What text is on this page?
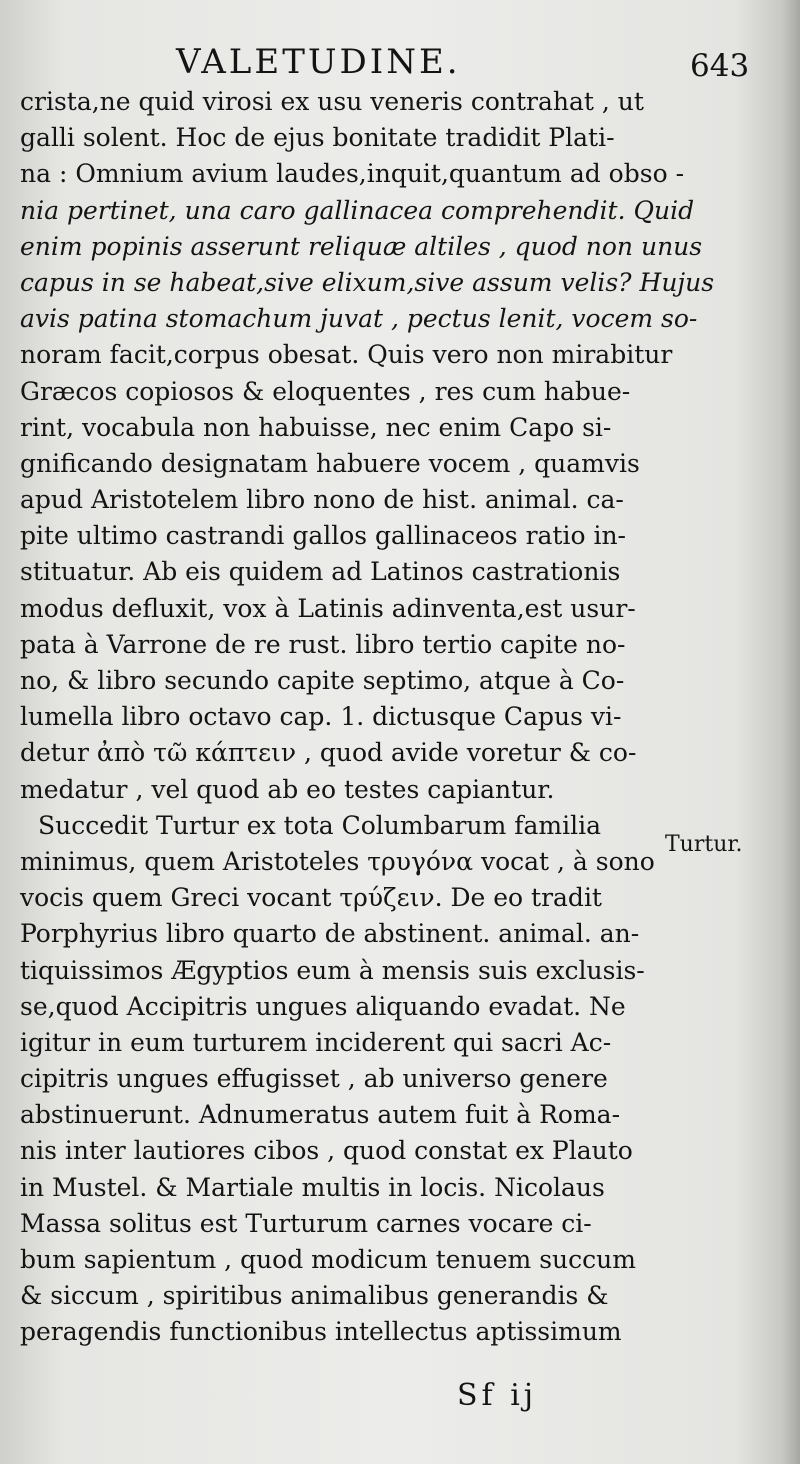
VALETUDINE.	643
crista,ne quid virosi ex usu veneris contrahat , ut
galli solent. Hoc de ejus bonitate tradidit Plati-
na : Omnium avium laudes,inquit,quantum ad obso -
nia pertinet, una caro gallinacea comprehendit. Quid
enim popinis asserunt reliquæ altiles , quod non unus
capus in se habeat,sive elixum,sive assum velis? Hujus
avis patina stomachum juvat , pectus lenit, vocem so-
noram facit,corpus obesat. Quis vero non mirabitur
Græcos copiosos & eloquentes , res cum habue-
rint, vocabula non habuisse, nec enim Capo si-
gnificando designatam habuere vocem , quamvis
apud Aristotelem libro nono de hist. animal. ca-
pite ultimo castrandi gallos gallinaceos ratio in-
stituatur. Ab eis quidem ad Latinos castrationis
modus defluxit, vox à Latinis adinventa,est usur-
pata à Varrone de re rust. libro tertio capite no-
no, & libro secundo capite septimo, atque à Co-
lumella libro octavo cap. 1. dictusque Capus vi-
detur ἀπὸ τῶ κάπτειν , quod avide voretur & co-
medatur , vel quod ab eo testes capiantur.
Succedit Turtur ex tota Columbarum familia
minimus, quem Aristoteles τρυγόνα vocat , à sono
vocis quem Greci vocant τρύζειν. De eo tradit
Porphyrius libro quarto de abstinent. animal. an-
tiquissimos Ægyptios eum à mensis suis exclusis-
se,quod Accipitris ungues aliquando evadat. Ne
igitur in eum turturem inciderent qui sacri Ac-
cipitris ungues effugisset , ab universo genere
abstinuerunt. Adnumeratus autem fuit à Roma-
nis inter lautiores cibos , quod constat ex Plauto
in Mustel. & Martiale multis in locis. Nicolaus
Massa solitus est Turturum carnes vocare ci-
bum sapientum , quod modicum tenuem succum
& siccum , spiritibus animalibus generandis &
peragendis functionibus intellectus aptissimum
Turtur.
Sf ij
